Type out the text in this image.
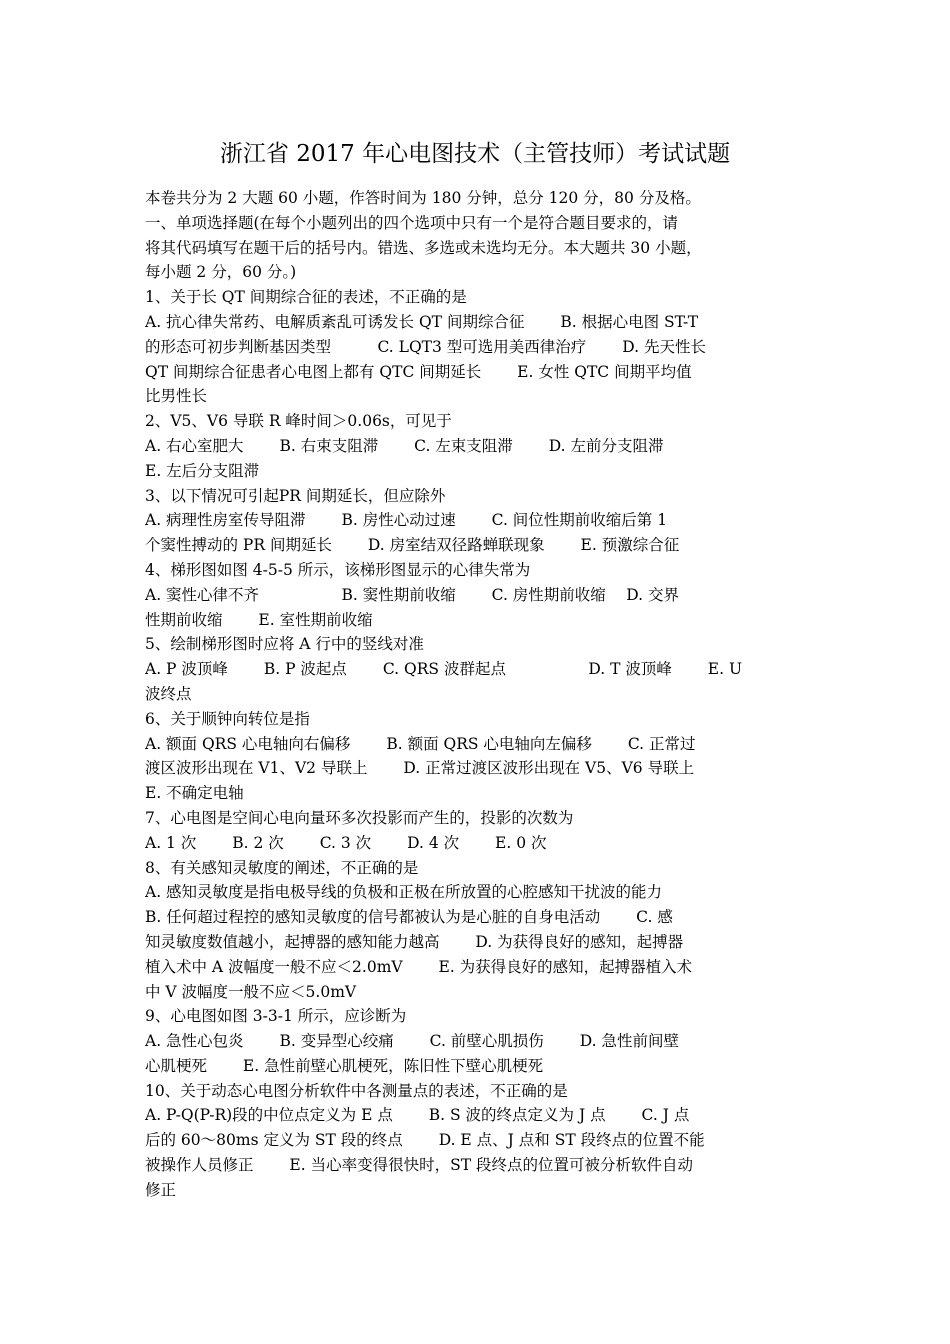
浙江省 2017 年心电图技术（主管技师）考试试题
本卷共分为 2 大题 60 小题，作答时间为 180 分钟，总分 120 分，80 分及格。
一、单项选择题(在每个小题列出的四个选项中只有一个是符合题目要求的，请
将其代码填写在题干后的括号内。错选、多选或未选均无分。本大题共 30 小题，
每小题 2 分，60 分。)
1、关于长 QT 间期综合征的表述，不正确的是
A. 抗心律失常药、电解质紊乱可诱发长 QT 间期综合征　　 B. 根据心电图 ST-T
的形态可初步判断基因类型　　　C. LQT3 型可选用美西律治疗　　 D. 先天性长
QT 间期综合征患者心电图上都有 QTC 间期延长　　 E. 女性 QTC 间期平均值
比男性长
2、V5、V6 导联 R 峰时间＞0.06s，可见于
A. 右心室肥大　　 B. 右束支阻滞　　 C. 左束支阻滞　　 D. 左前分支阻滞
E. 左后分支阻滞
3、以下情况可引起PR 间期延长，但应除外
A. 病理性房室传导阻滞　　 B. 房性心动过速　　 C. 间位性期前收缩后第 1
个窦性搏动的 PR 间期延长　　 D. 房室结双径路蝉联现象　　 E. 预激综合征
4、梯形图如图 4-5-5 所示，该梯形图显示的心律失常为
A. 窦性心律不齐　　　　　 B. 窦性期前收缩　　 C. 房性期前收缩　 D. 交界
性期前收缩　　 E. 室性期前收缩
5、绘制梯形图时应将 A 行中的竖线对准
A. P 波顶峰　　 B. P 波起点　　 C. QRS 波群起点　　　　　 D. T 波顶峰　　 E. U
波终点
6、关于顺钟向转位是指
A. 额面 QRS 心电轴向右偏移　　 B. 额面 QRS 心电轴向左偏移　　 C. 正常过
渡区波形出现在 V1、V2 导联上　　 D. 正常过渡区波形出现在 V5、V6 导联上
E. 不确定电轴
7、心电图是空间心电向量环多次投影而产生的，投影的次数为
A. 1 次　　 B. 2 次　　 C. 3 次　　 D. 4 次　　 E. 0 次
8、有关感知灵敏度的阐述，不正确的是
A. 感知灵敏度是指电极导线的负极和正极在所放置的心腔感知干扰波的能力
B. 任何超过程控的感知灵敏度的信号都被认为是心脏的自身电活动　　 C. 感
知灵敏度数值越小，起搏器的感知能力越高　　 D. 为获得良好的感知，起搏器
植入术中 A 波幅度一般不应＜2.0mV　　 E. 为获得良好的感知，起搏器植入术
中 V 波幅度一般不应＜5.0mV
9、心电图如图 3-3-1 所示，应诊断为
A. 急性心包炎　　 B. 变异型心绞痛　　 C. 前壁心肌损伤　　 D. 急性前间壁
心肌梗死　　 E. 急性前壁心肌梗死，陈旧性下壁心肌梗死
10、关于动态心电图分析软件中各测量点的表述，不正确的是
A. P-Q(P-R)段的中位点定义为 E 点　　 B. S 波的终点定义为 J 点　　 C. J 点
后的 60～80ms 定义为 ST 段的终点　　 D. E 点、J 点和 ST 段终点的位置不能
被操作人员修正　　 E. 当心率变得很快时，ST 段终点的位置可被分析软件自动
修正
